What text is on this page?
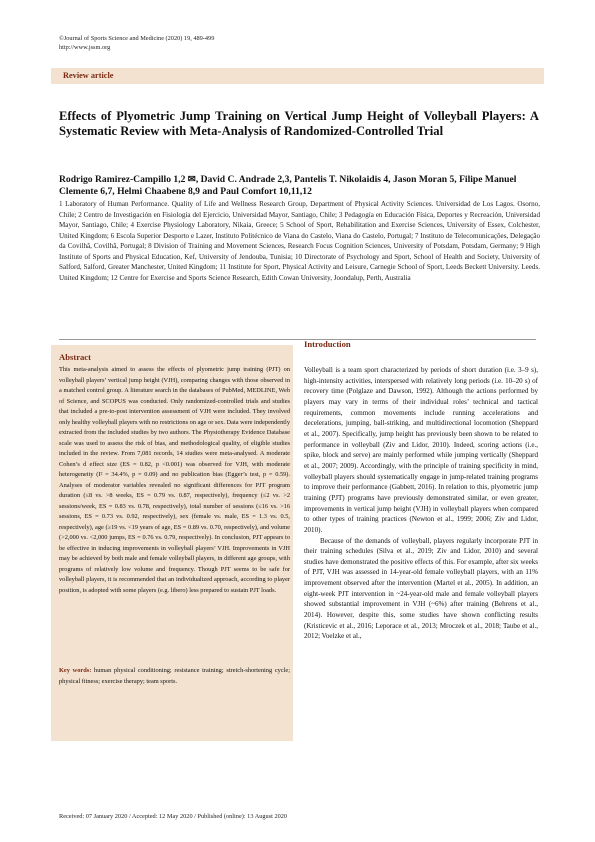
©Journal of Sports Science and Medicine (2020) 19, 489-499
http://www.jssm.org
Review article
Effects of Plyometric Jump Training on Vertical Jump Height of Volleyball Players: A Systematic Review with Meta-Analysis of Randomized-Controlled Trial
Rodrigo Ramirez-Campillo 1,2 ✉, David C. Andrade 2,3, Pantelis T. Nikolaidis 4, Jason Moran 5, Filipe Manuel Clemente 6,7, Helmi Chaabene 8,9 and Paul Comfort 10,11,12
1 Laboratory of Human Performance. Quality of Life and Wellness Research Group, Department of Physical Activity Sciences. Universidad de Los Lagos. Osorno, Chile; 2 Centro de Investigación en Fisiología del Ejercicio, Universidad Mayor, Santiago, Chile; 3 Pedagogía en Educación Física, Deportes y Recreación, Universidad Mayor, Santiago, Chile; 4 Exercise Physiology Laboratory, Nikaia, Greece; 5 School of Sport, Rehabilitation and Exercise Sciences, University of Essex, Colchester, United Kingdom; 6 Escola Superior Desporto e Lazer, Instituto Politécnico de Viana do Castelo, Viana do Castelo, Portugal; 7 Instituto de Telecomunicações, Delegação da Covilhã, Covilhã, Portugal; 8 Division of Training and Movement Sciences, Research Focus Cognition Sciences, University of Potsdam, Potsdam, Germany; 9 High Institute of Sports and Physical Education, Kef, University of Jendouba, Tunisia; 10 Directorate of Psychology and Sport, School of Health and Society, University of Salford, Salford, Greater Manchester, United Kingdom; 11 Institute for Sport, Physical Activity and Leisure, Carnegie School of Sport, Leeds Beckett University. Leeds. United Kingdom; 12 Centre for Exercise and Sports Science Research, Edith Cowan University, Joondalup, Perth, Australia
Abstract
This meta-analysis aimed to assess the effects of plyometric jump training (PJT) on volleyball players’ vertical jump height (VJH), comparing changes with those observed in a matched control group. A literature search in the databases of PubMed, MEDLINE, Web of Science, and SCOPUS was conducted. Only randomized-controlled trials and studies that included a pre-to-post intervention assessment of VJH were included. They involved only healthy volleyball players with no restrictions on age or sex. Data were independently extracted from the included studies by two authors. The Physiotherapy Evidence Database scale was used to assess the risk of bias, and methodological quality, of eligible studies included in the review. From 7,081 records, 14 studies were meta-analysed. A moderate Cohen’s d effect size (ES = 0.82, p <0.001) was observed for VJH, with moderate heterogeneity (I² = 34.4%, p = 0.09) and no publication bias (Egger’s test, p = 0.59). Analyses of moderator variables revealed no significant differences for PJT program duration (≤8 vs. >8 weeks, ES = 0.79 vs. 0.87, respectively), frequency (≤2 vs. >2 sessions/week, ES = 0.83 vs. 0.78, respectively), total number of sessions (≤16 vs. >16 sessions, ES = 0.73 vs. 0.92, respectively), sex (female vs. male, ES = 1.3 vs. 0.5, respectively), age (≥19 vs. <19 years of age, ES = 0.89 vs. 0.70, respectively), and volume (>2,000 vs. <2,000 jumps, ES = 0.76 vs. 0.79, respectively). In conclusion, PJT appears to be effective in inducing improvements in volleyball players’ VJH. Improvements in VJH may be achieved by both male and female volleyball players, in different age groups, with programs of relatively low volume and frequency. Though PJT seems to be safe for volleyball players, it is recommended that an individualized approach, according to player position, is adopted with some players (e.g. libero) less prepared to sustain PJT loads.
Key words: human physical conditioning; resistance training; stretch-shortening cycle; physical fitness; exercise therapy; team sports.
Introduction

Volleyball is a team sport characterized by periods of short duration (i.e. 3–9 s), high-intensity activities, interspersed with relatively long periods (i.e. 10–20 s) of recovery time (Polglaze and Dawson, 1992). Although the actions performed by players may vary in terms of their individual roles’ technical and tactical requirements, common movements include running accelerations and decelerations, jumping, ball-striking, and multidirectional locomotion (Sheppard et al., 2007). Specifically, jump height has previously been shown to be related to performance in volleyball (Ziv and Lidor, 2010). Indeed, scoring actions (i.e., spike, block and serve) are mainly performed while jumping vertically (Sheppard et al., 2007; 2009). Accordingly, with the principle of training specificity in mind, volleyball players should systematically engage in jump-related training programs to improve their performance (Gabbett, 2016). In relation to this, plyometric jump training (PJT) programs have previously demonstrated similar, or even greater, improvements in vertical jump height (VJH) in volleyball players when compared to other types of training practices (Newton et al., 1999; 2006; Ziv and Lidor, 2010).

Because of the demands of volleyball, players regularly incorporate PJT in their training schedules (Silva et al., 2019; Ziv and Lidor, 2010) and several studies have demonstrated the positive effects of this. For example, after six weeks of PJT, VJH was assessed in 14-year-old female volleyball players, with an 11% improvement observed after the intervention (Martel et al., 2005). In addition, an eight-week PJT intervention in ~24-year-old male and female volleyball players showed substantial improvement in VJH (~6%) after training (Behrens et al., 2014). However, despite this, some studies have shown conflicting results (Kristicevic et al., 2016; Leporace et al., 2013; Mroczek et al., 2018; Taube et al., 2012; Voelzke et al.,

Received: 07 January 2020 / Accepted: 12 May 2020 / Published (online): 13 August 2020
